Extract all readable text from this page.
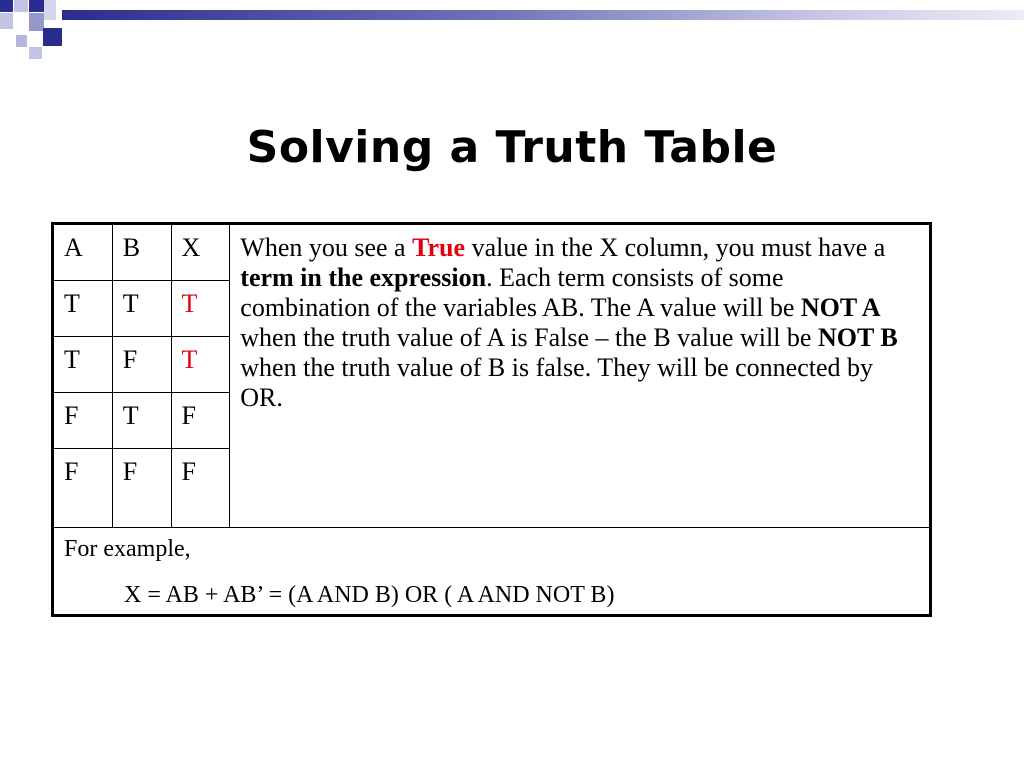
Solving a Truth Table
A	B	X	When you see a True value in the X column, you must have a term in the expression. Each term consists of some combination of the variables AB. The A value will be NOT A when the truth value of A is False – the B value will be NOT B when the truth value of B is false. They will be connected by OR.
T	T	T	
T	F	T	
F	T	F	
F	F	F	

For example,
X = AB + AB’ = (A AND B) OR ( A AND NOT B)			
